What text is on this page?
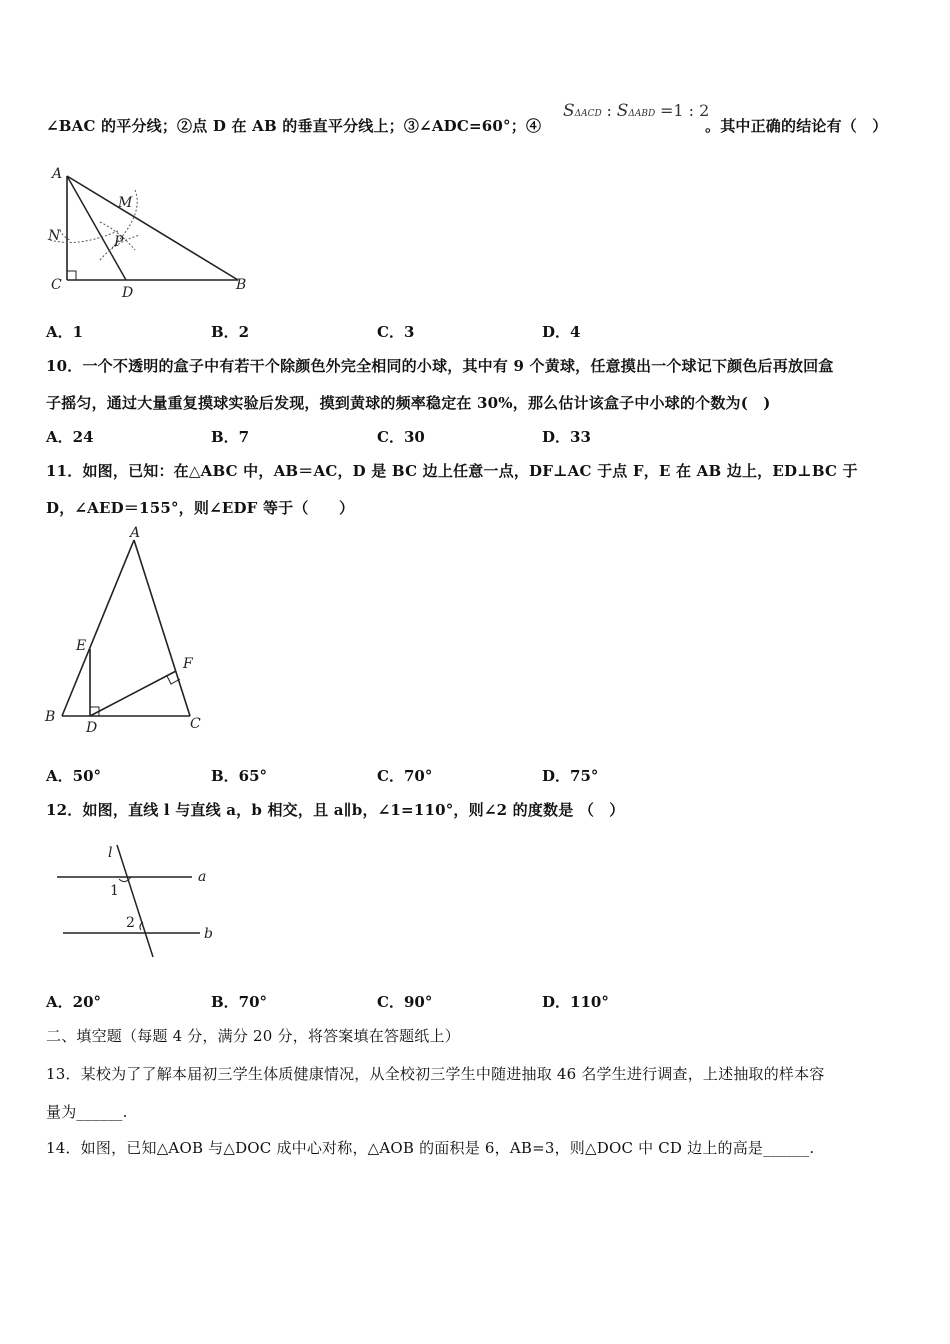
∠BAC 的平分线；②点 D 在 AB 的垂直平分线上；③∠ADC=60°；④
SΔACD : SΔABD =1 : 2
。其中正确的结论有（　）
A
M
N	P
C	D	B
A．1	B．2	C．3	D．4
10．一个不透明的盒子中有若干个除颜色外完全相同的小球，其中有 9 个黄球，任意摸出一个球记下颜色后再放回盒
子摇匀，通过大量重复摸球实验后发现，摸到黄球的频率稳定在 30%，那么估计该盒子中小球的个数为(　)
A．24	B．7	C．30	D．33
11．如图，已知：在△ABC 中，AB＝AC，D 是 BC 边上任意一点，DF⊥AC 于点 F，E 在 AB 边上，ED⊥BC 于
D，∠AED＝155°，则∠EDF 等于（　　）
A
E
F
B
D	C
A．50°	B．65°	C．70°	D．75°
12．如图，直线 l 与直线 a，b 相交，且 a∥b，∠1=110°，则∠2 的度数是 （　）
l
a
b
1
2
A．20°	B．70°	C．90°	D．110°
二、填空题（每题 4 分，满分 20 分，将答案填在答题纸上）
13．某校为了了解本届初三学生体质健康情况，从全校初三学生中随进抽取 46 名学生进行调查，上述抽取的样本容
量为______.
14．如图，已知△AOB 与△DOC 成中心对称，△AOB 的面积是 6，AB=3，则△DOC 中 CD 边上的高是______.
